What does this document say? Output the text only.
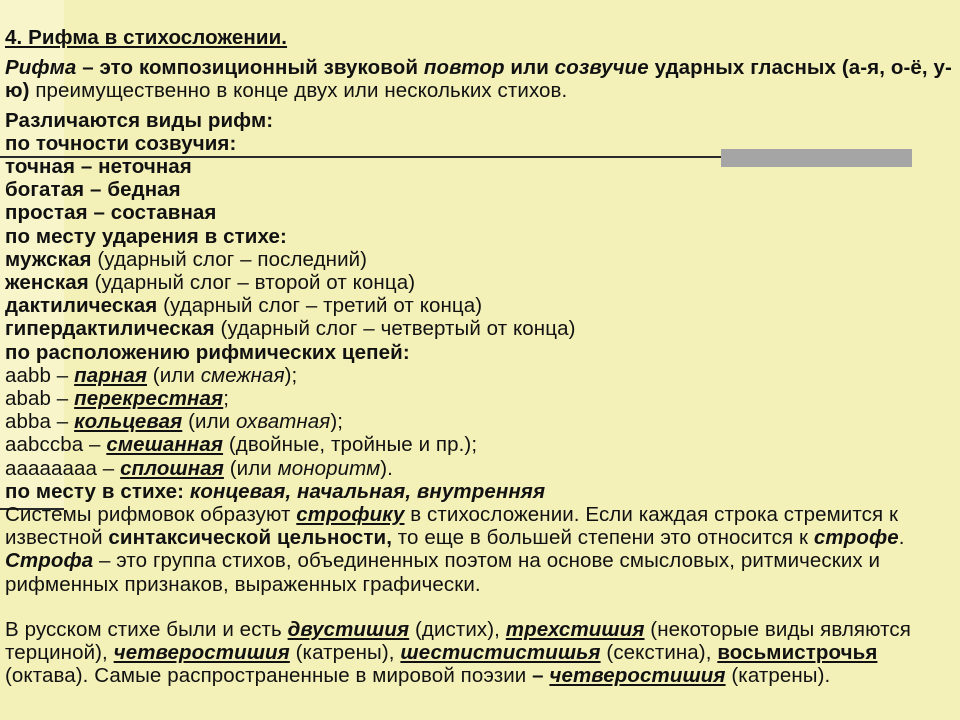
4. Рифма в стихосложении.

Рифма – это композиционный звуковой повтор или созвучие ударных гласных (а-я, о-ё, у-ю) преимущественно в конце двух или нескольких стихов.

Различаются виды рифм:

по точности созвучия:

точная – неточная

богатая – бедная

простая – составная

по месту ударения в стихе:

мужская (ударный слог – последний)

женская (ударный слог – второй от конца)

дактилическая (ударный слог – третий от конца)

гипердактилическая (ударный слог – четвертый от конца)

по расположению рифмических цепей:

aabb – парная (или смежная);

abab – перекрестная;

abba – кольцевая (или охватная);

aabccba – смешанная (двойные, тройные и пр.);

aaaaaaaa – сплошная (или моноритм).

по месту в стихе: концевая, начальная, внутренняя

Системы рифмовок образуют строфику в стихосложении. Если каждая строка стремится к известной синтаксической цельности, то еще в большей степени это относится к строфе. Строфа – это группа стихов, объединенных поэтом на основе смысловых, ритмических и рифменных признаков, выраженных графически.

В русском стихе были и есть двустишия (дистих), трехстишия (некоторые виды являются терциной), четверостишия (катрены), шестистистишья (секстина), восьмистрочья (октава). Самые распространенные в мировой поэзии – четверостишия (катрены).
